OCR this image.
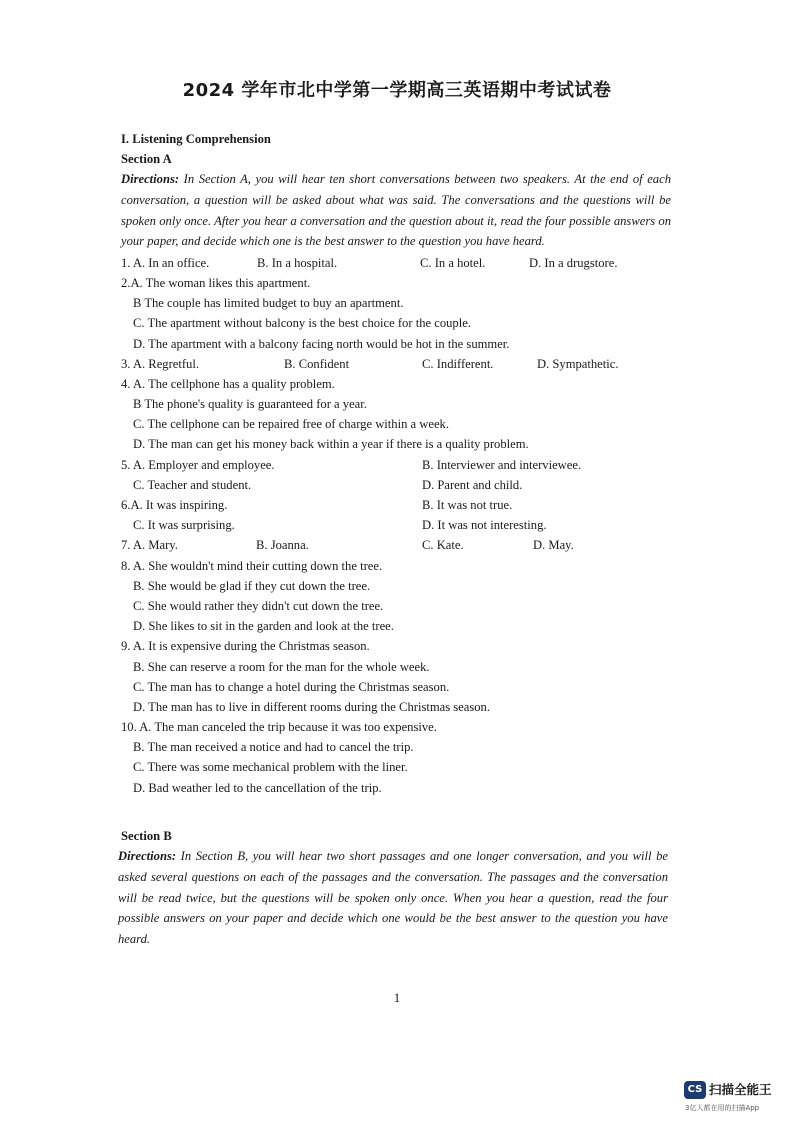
2024 学年市北中学第一学期高三英语期中考试试卷
I. Listening Comprehension
Section A
Directions: In Section A, you will hear ten short conversations between two speakers. At the end of each conversation, a question will be asked about what was said. The conversations and the questions will be spoken only once. After you hear a conversation and the question about it, read the four possible answers on your paper, and decide which one is the best answer to the question you have heard.
1. A. In an office.	B. In a hospital.	C. In a hotel.	D. In a drugstore.
2.A. The woman likes this apartment.
B The couple has limited budget to buy an apartment.
C. The apartment without balcony is the best choice for the couple.
D. The apartment with a balcony facing north would be hot in the summer.
3. A. Regretful.	B. Confident	C. Indifferent.	D. Sympathetic.
4. A. The cellphone has a quality problem.
B The phone's quality is guaranteed for a year.
C. The cellphone can be repaired free of charge within a week.
D. The man can get his money back within a year if there is a quality problem.
5. A. Employer and employee.	B. Interviewer and interviewee.
C. Teacher and student.	D. Parent and child.
6.A. It was inspiring.	B. It was not true.
C. It was surprising.	D. It was not interesting.
7. A. Mary.	B. Joanna.	C. Kate.	D. May.
8. A. She wouldn't mind their cutting down the tree.
B. She would be glad if they cut down the tree.
C. She would rather they didn't cut down the tree.
D. She likes to sit in the garden and look at the tree.
9. A. It is expensive during the Christmas season.
B. She can reserve a room for the man for the whole week.
C. The man has to change a hotel during the Christmas season.
D. The man has to live in different rooms during the Christmas season.
10. A. The man canceled the trip because it was too expensive.
B. The man received a notice and had to cancel the trip.
C. There was some mechanical problem with the liner.
D. Bad weather led to the cancellation of the trip.
Section B
Directions: In Section B, you will hear two short passages and one longer conversation, and you will be asked several questions on each of the passages and the conversation. The passages and the conversation will be read twice, but the questions will be spoken only once. When you hear a question, read the four possible answers on your paper and decide which one would be the best answer to the question you have heard.
1
CS 扫描全能王
3亿人都在用的扫描App
